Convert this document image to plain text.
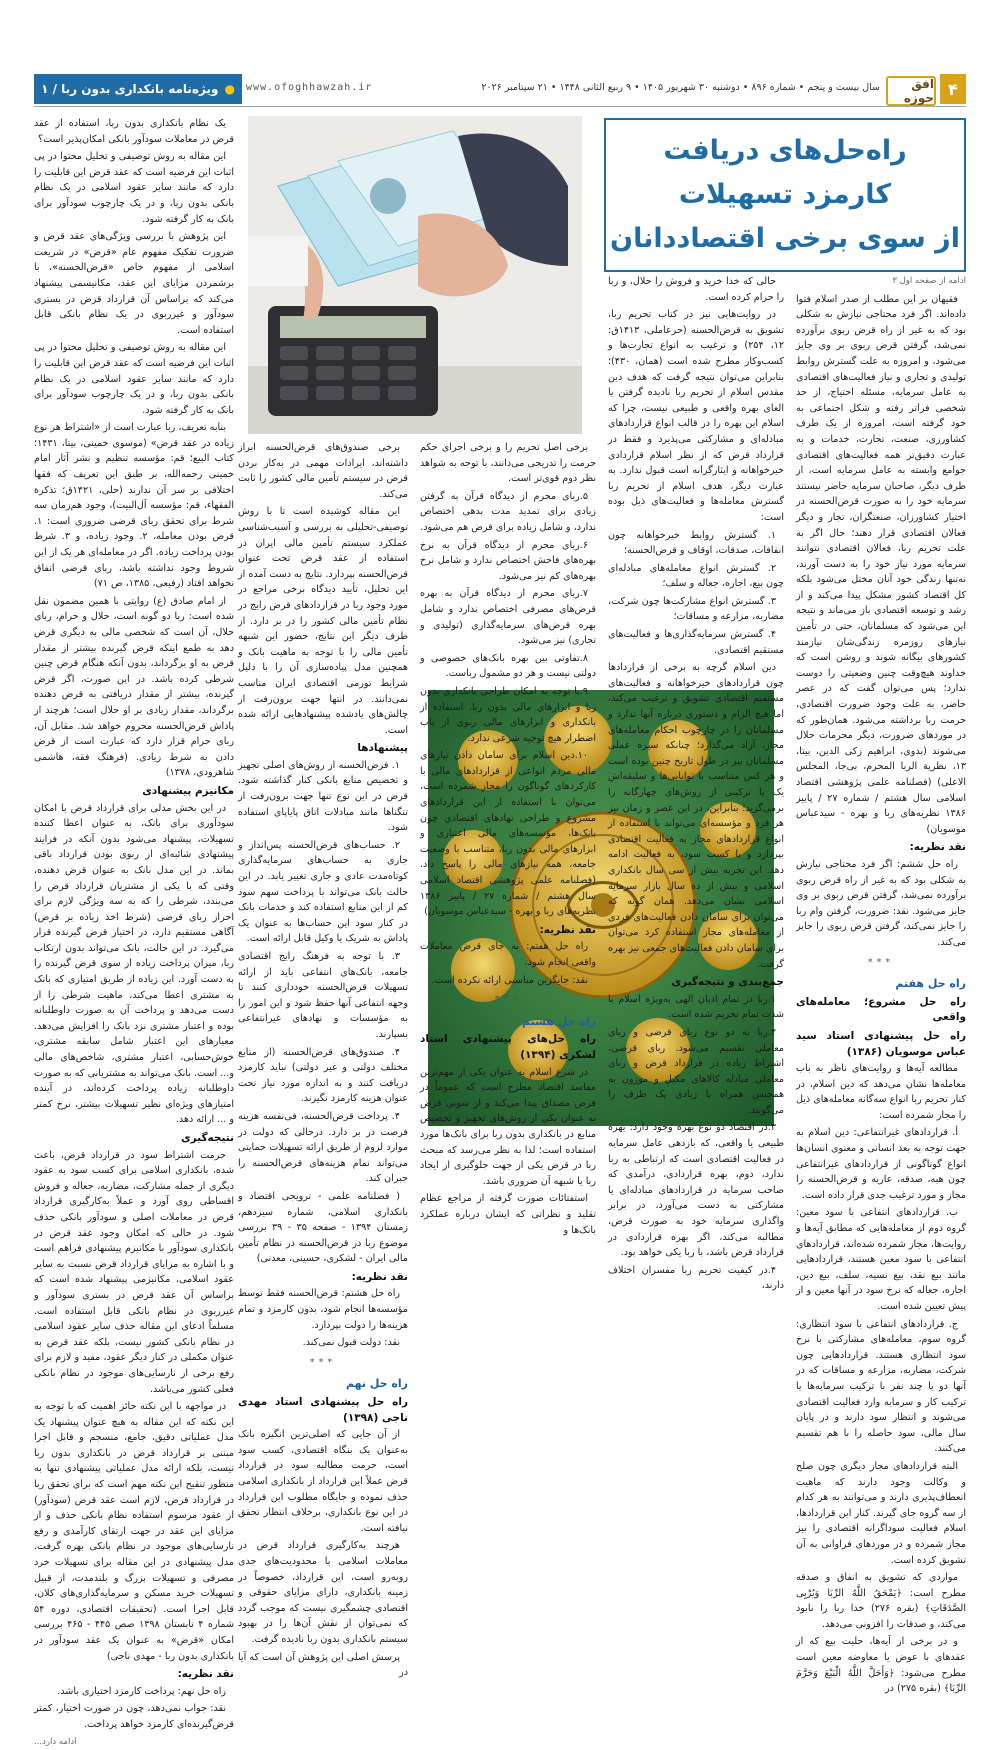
۴
افق حوزه
سال بیست و پنجم • شماره ۸۹۶ • دوشنبه ۳۰ شهریور ۱۴۰۵ • ۹ ربیع الثانی ۱۴۴۸ • ۲۱ سپتامبر ۲۰۲۶
www.ofoghhawzah.ir
●
ویژه‌نامه بانکداری بدون ربا / ۱
راه‌حل‌های دریافت
کارمزد تسهیلات
از سوی برخی اقتصاددانان

ادامه از صفحه اول ۳

فقیهان بر این مطلب از صدر اسلام فتوا داده‌اند. اگر فرد محتاجی نیازش به شکلی بود که به غیر از راه قرض ربوی برآورده نمی‌شد، گرفتن قرض ربوی بر وی جایز می‌شود، و امروزه به علت گسترش روابط تولیدی و تجاری و نیاز فعالیت‌های اقتصادی به عامل سرمایه، مسئله احتیاج، از حد شخصی فراتر رفته و شکل اجتماعی به خود گرفته است، امروزه از یک طرف کشاورزی، صنعت، تجارت، خدمات و به عبارت دقیق‌تر همه فعالیت‌های اقتصادی جوامع وابسته به عامل سرمایه است، از طرف دیگر، صاحبان سرمایه حاضر نیستند سرمایه خود را به صورت قرض‌الحسنه در اختیار کشاورزان، صنعتگران، تجار و دیگر فعالان اقتصادی قرار دهند؛ حال اگر به علت تحریم ربا، فعالان اقتصادی نتوانند سرمایه مورد نیاز خود را به دست آورند، نه‌تنها زندگی خود آنان مختل می‌شود بلکه کل اقتصاد کشور مشکل پیدا می‌کند و از رشد و توسعه اقتصادی باز می‌ماند و نتیجه این می‌شود که مسلمانان، حتی در تأمین نیازهای روزمره زندگی‌شان نیازمند کشورهای بیگانه شوند و روشن است که خداوند هیچ‌وقت چنین وضعیتی را دوست ندارد؛ پس می‌توان گفت که در عصر حاضر، به علت وجود ضرورت اقتصادی، حرمت ربا برداشته می‌شود. همان‌طور که در موردهای ضرورت، دیگر محرمات حلال می‌شوند (بدوی، ابراهیم زکی الدین، بیتا، ۱۳، نظریة الربا المحرم، بی‌جا، المجلس الاعلی) (فصلنامه علمی پژوهشی اقتصاد اسلامی سال هشتم / شماره ۲۷ / پاییز ۱۳۸۶ نظریه‌های ربا و بهره - سیدعباس موسویان)

نقد نظریه:

راه حل ششم: اگر فرد محتاجی نیازش به شکلی بود که به غیر از راه قرض ربوی برآورده نمی‌شد، گرفتن قرض ربوی بر وی جایز می‌شود. نقد: ضرورت، گرفتن وام ربا را جایز نمی‌کند، گرفتن قرض ربوی را جایز می‌کند.

***

راه‌ حل هفتم

راه حل مشروع؛ معامله‌های واقعی

راه حل پیشنهادی استاد سید عباس موسویان (۱۳۸۶)

مطالعه آیه‌ها و روایت‌های ناظر به باب معامله‌ها نشان می‌دهد که دین اسلام، در کنار تحریم ربا انواع سه‌گانه معامله‌های ذیل را مجاز شمرده است:

أ. قراردادهای غیرانتفاعی: دین اسلام به جهت توجه به بعد انسانی و معنوی انسان‌ها انواع گوناگونی از قراردادهای غیرانتفاعی چون هبه، صدقه، عاریه و قرض‌الحسنه را مجاز و مورد ترغیب جدی قرار داده است.

ب. قراردادهای انتفاعی با سود معین: گروه دوم از معامله‌هایی که مطابق آیه‌ها و روایت‌ها، مجاز شمرده شده‌اند، قراردادهای انتفاعی با سود معین هستند، قراردادهایی مانند بیع نقد، بیع نسیه، سلف، بیع دین، اجاره، جعاله که نرخ سود در آنها معین و از پیش تعیین شده است.

ج. قراردادهای انتفاعی با سود انتظاری: گروه سوم، معامله‌های مشارکتی با نرخ سود انتظاری هستند. قراردادهایی چون شرکت، مضاربه، مزارعه و مساقات که در آنها دو یا چند نفر با ترکیب سرمایه‌ها یا ترکیب کار و سرمایه وارد فعالیت اقتصادی می‌شوند و انتظار سود دارند و در پایان سال مالی، سود حاصله را با هم تقسیم می‌کنند.

البته قراردادهای مجاز دیگری چون صلح و وکالت وجود دارند که ماهیت انعطاف‌پذیری دارند و می‌توانند به هر کدام از سه گروه جای گیرند. کنار این قراردادها، اسلام فعالیت سوداگرانه اقتصادی را نیز مجاز شمرده و در موردهای فراوانی به آن تشویق کرده است.

مواردی که تشویق به انفاق و صدقه مطرح است: ﴿یَمْحَقُ اللَّهُ الرِّبَا وَیُرْبِی الصَّدَقَاتِ﴾ (بقره ۲۷۶) خدا ربا را نابود می‌کند، و صدقات را افزونی می‌دهد.

و در برخی از آیه‌ها، حلیت بیع که از عقدهای با عوض یا معاوضه معین است مطرح می‌شود: ﴿وَأَحَلَّ اللَّهُ الْبَیْعَ وَحَرَّمَ الرِّبَا﴾ (بقره ۲۷۵) در

حالی که خدا خرید و فروش را حلال، و ربا را حرام کرده است.

در روایت‌هایی نیز در کتاب تحریم ربا، تشویق به قرض‌الحسنه (حرعاملی، ۱۴۱۳ق: ۱۲، ۲۵۴) و ترغیب به انواع تجارت‌ها و کسب‌وکار مطرح شده است (همان، ۴۳۰)؛ بنابراین می‌توان نتیجه گرفت که هدف دین مقدس اسلام از تحریم ربا نادیده گرفتن یا الغای بهره واقعی و طبیعی نیست، چرا که اسلام این بهره را در قالب انواع قراردادهای مبادله‌ای و مشارکتی می‌پذیرد و فقط در قرارداد قرض که از نظر اسلام قراردادی خیرخواهانه و ایثارگرانه است قبول ندارد. به عبارت دیگر، هدف اسلام از تحریم ربا گسترش معامله‌ها و فعالیت‌های ذیل بوده است:

۱. گسترش روابط خیرخواهانه چون انفاقات، صدقات، اوقاف و قرض‌الحسنه؛

۲. گسترش انواع معامله‌های مبادله‌ای چون بیع، اجاره، جعاله و سلف؛

۳. گسترش انواع مشارکت‌ها چون شرکت، مضاربه، مزارعه و مساقات؛

۴. گسترش سرمایه‌گذاری‌ها و فعالیت‌های مستقیم اقتصادی.

دین اسلام گرچه به برخی از قراردادها چون قراردادهای خیرخواهانه و فعالیت‌های مستقیم اقتصادی تشویق و ترغیب می‌کند، اما هیچ الزام و دستوری درباره آنها ندارد و مسلمانان را در چارچوب احکام معامله‌های مجاز، آزاد می‌گذارد؛ چنانکه سیره عملی مسلمانان نیز در طول تاریخ چنین بوده است و هر کس متناسب با توانایی‌ها و سلیقه‌اش یک یا ترکیبی از روش‌های چهارگانه را برمی‌گزید؛ بنابراین، در این عصر و زمان نیز هر فرد و مؤسسه‌ای می‌تواند با استفاده از انواع قراردادهای مجاز به فعالیت اقتصادی بپردازد و با کسب سود، به فعالیت ادامه دهد. این تجربه بیش از سی سال بانکداری اسلامی و بیش از ده سال بازار سرمایه اسلامی نشان می‌دهد. همان گونه که می‌توان برای سامان دادن فعالیت‌های فردی از معامله‌های مجاز استفاده کرد می‌توان برای سامان دادن فعالیت‌های جمعی نیز بهره گرفت.

جمع‌بندی و نتیجه‌گیری

۱.ربا در تمام ادیان الهی به‌ویژه اسلام با شدت تمام تحریم شده است.

۲.ربا به دو نوع ربای قرضی و ربای معاملی تقسیم می‌شود. ربای قرضی، اشتراط زیاده در قرارداد قرض و ربای معاملی مبادله کالاهای مکیل و موزون به همجنس همراه با زیادی یک طرف را می‌گویند.

۳.در اقتصاد دو نوع بهره وجود دارد: بهره طبیعی یا واقعی، که بازدهی عامل سرمایه در فعالیت اقتصادی است که ارتباطی به ربا ندارد، دوم، بهره قراردادی، درآمدی که صاحب سرمایه در قراردادهای مبادله‌ای یا مشارکتی به دست می‌آورد، در برابر واگذاری سرمایه خود به صورت قرض، مطالبه می‌کند، اگر بهره قراردادی در قرارداد قرض باشد، با ربا یکی خواهد بود.

۴.در کیفیت تحریم ربا مفسران اختلاف دارند،

برخی اصل تحریم را و برخی اجرای حکم حرمت را تدریجی می‌دانند، با توجه به شواهد نظر دوم قوی‌تر است.

۵.ربای محرم از دیدگاه قرآن به گرفتن زیادی برای تمدید مدت بدهی اختصاص ندارد، و شامل زیاده برای قرض هم می‌شود.

۶.ربای محرم از دیدگاه قرآن به نرخ بهره‌های فاحش اختصاص ندارد و شامل نرخ بهره‌های کم نیز می‌شود.

۷.ربای محرم از دیدگاه قرآن به بهره قرض‌های مصرفی اختصاص ندارد و شامل بهره قرض‌های سرمایه‌گذاری (تولیدی و تجاری) نیز می‌شود.

۸.تفاوتی بین بهره بانک‌های خصوصی و دولتی نیست و هر دو مشمول رباست.

۹.با توجه به امکان طراحی بانکداری بدون ربا و ابزارهای مالی بدون ربا، استفاده از بانکداری و ابزارهای مالی ربوی از باب اضطرار هیچ توجیه شرعی ندارد.

۱۰.دین اسلام برای سامان دادن نیازهای مالی مردم انواعی از قراردادهای مالی با کارکردهای گوناگون را مجاز شمرده است، می‌توان با استفاده از این قراردادهای مشروع و طراحی نهادهای اقتصادی چون بانک‌ها، مؤسسه‌های مالی اعتباری و ابزارهای مالی بدون ربا، متناسب با وضعیت جامعه، همه نیازهای مالی را پاسخ داد. (فصلنامه علمی پژوهشی اقتصاد اسلامی سال هشتم / شماره ۲۷ / پاییز ۱۳۸۶ نظریه‌های ربا و بهره - سیدعباس موسویان)

نقد نظریه:

راه حل هفتم: به جای قرض معاملات واقعی انجام شود.

نقد: جایگزین مناسبی ارائه نکرده است.

***

راه حل هشتم

راه حل‌های پیشنهادی استاد لشکری (۱۳۹۴)

در شرع اسلام به عنوان یکی از مهم‌ترین مفاسد اقتصاد مطرح است که عموماً در قرض مصداق پیدا می‌کند و از سویی قرض به عنوان یکی از روش‌های تجهیز و تخصیص منابع در بانکداری بدون ربا برای بانک‌ها مورد استفاده است؛ لذا به نظر می‌رسد که مبحث ربا در قرض یکی از جهت جلوگیری از ایجاد ربا یا شبهه آن ضروری باشد.

استفتائات صورت گرفته از مراجع عظام تقلید و نظراتی که ایشان درباره عملکرد بانک‌ها و

برخی صندوق‌های قرض‌الحسنه ابراز داشته‌اند، ایرادات مهمی در به‌کار بردن قرض در سیستم تأمین مالی کشور را ثابت می‌کند.

این مقاله کوشیده است تا با روش توصیفی-تحلیلی به بررسی و آسیب‌شناسی عملکرد سیستم تأمین مالی ایران در استفاده از عقد قرض تحت عنوان قرض‌الحسنه بپردازد. نتایج به دست آمده از این تحلیل، تأیید دیدگاه برخی مراجع در مورد وجود ربا در قراردادهای قرض رایج در نظام تأمین مالی کشور را در بر دارد. از طرف دیگر این نتایج، حضور این شبهه تأمین مالی را با توجه به ماهیت بانک و همچنین مدل پیاده‌سازی آن را با دلیل شرایط تورمی اقتصادی ایران مناسب نمی‌دانند. در انتها جهت برون‌رفت از چالش‌های یادشده پیشنهادهایی ارائه شده است.

پیشنهادها

۱. قرض‌الحسنه از روش‌های اصلی تجهیز و تخصیص منابع بانکی کنار گذاشته شود. قرض در این نوع تنها جهت برون‌رفت از تنگناها مانند مبادلات اتاق پایاپای استفاده شود.

۲. حساب‌های قرض‌الحسنه پس‌انداز و جاری به حساب‌های سرمایه‌گذاری کوتاه‌مدت عادی و جاری تغییر یابد. در این حالت بانک می‌تواند با پرداخت سهم سود کم از این منابع استفاده کند و خدمات بانک در کنار سود این حساب‌ها به عنوان یک پاداش به شریک یا وکیل قابل ارائه است.

۳. با توجه به فرهنگ رایج اقتصادی جامعه، بانک‌های انتفاعی باید از ارائه تسهیلات قرض‌الحسنه خودداری کنند تا وجهه انتفاعی آنها حفظ شود و این امور را به مؤسسات و نهادهای غیرانتفاعی بسپارند.

۴. صندوق‌های قرض‌الحسنه (از منابع مختلف دولتی و غیر دولتی) نباید کارمزد دریافت کنند و به اندازه مورد نیاز تحت عنوان هزینه کارمزد نگیرند.

۴. پرداخت قرض‌الحسنه، فی‌نفسه هزینه فرصت در بر دارد. درحالی که دولت در موارد لزوم از طریق ارائه تسهیلات حمایتی می‌تواند تمام هزینه‌های قرض‌الحسنه را جبران کند.

( فصلنامه علمی - ترویجی اقتصاد و بانکداری اسلامی، شماره سیزدهم، زمستان ۱۳۹۴ - صفحه ۳۵ - ۳۹ بررسی موضوع ربا در قرض‌الحسنه در نظام تأمین مالی ایران - لشکری، حسینی، معدنی)

نقد نظریه:

راه حل هشتم: قرض‌الحسنه فقط توسط مؤسسه‌ها انجام شود، بدون کارمزد و تمام هزینه‌ها را دولت بپردازد.

نقد: دولت قبول نمی‌کند.

***

راه حل نهم

راه حل پیشنهادی استاد مهدی ناجی (۱۳۹۸)

از آن جایی که اصلی‌ترین انگیزه بانک به‌عنوان یک بنگاه اقتصادی، کسب سود است، حرمت مطالبه سود در قرارداد قرض عملاً این قرارداد از بانکداری اسلامی حذف نموده و جایگاه مطلوب این قرارداد در این نوع بانکداری، برخلاف انتظار تحقق نیافته است.

هرچند به‌کارگیری قرارداد قرض در معاملات اسلامی با محدودیت‌های جدی روبه‌رو است، این قرارداد، خصوصاً در زمینه بانکداری، دارای مزایای حقوقی و اقتصادی چشمگیری نیست که موجب گردد که نمی‌توان از نقش آن‌ها را در بهبود سیستم بانکداری بدون ربا نادیده گرفت.

پرسش اصلی این پژوهش آن است که آیا در

یک نظام بانکداری بدون ربا، استفاده از عقد قرض در معاملات سودآور بانکی امکان‌پذیر است؟

این مقاله به روش توصیفی و تحلیل محتوا در پی اثبات این فرضیه است که عقد قرض این قابلیت را دارد که مانند سایر عقود اسلامی در یک نظام بانکی بدون ربا، و در یک چارچوب سودآور برای بانک به کار گرفته شود.

این پژوهش با بررسی ویژگی‌های عقد قرض و ضرورت تفکیک مفهوم عام «قرض» در شریعت اسلامی از مفهوم خاص «قرض‌الحسنه»، با برشمردن مزایای این عقد، مکانیسمی پیشنهاد می‌کند که براساس آن قرارداد قرض در بستری سودآور و غیرربوی در یک نظام بانکی قابل استفاده است.

این مقاله به روش توصیفی و تحلیل محتوا در پی اثبات این فرضیه است که عقد قرض این قابلیت را دارد که مانند سایر عقود اسلامی در یک نظام بانکی بدون ربا، و در یک چارچوب سودآور برای بانک به کار گرفته شود.

بنابه تعریف، ربا عبارت است از «اشتراط هر نوع زیاده در عقد قرض» (موسوی خمینی، بیتا، ۱۴۳۱؛ کتاب البیع؛ قم: مؤسسه تنظیم و نشر آثار امام خمینی رحمه‌الله، بر طبق این تعریف که فقها اختلافی بر سر آن ندارند (حلی، ۱۴۲۱ق؛ تذکرة الفقهاء، قم: مؤسسه آل‌البیت)، وجود هم‌زمان سه شرط برای تحقق ربای قرضی ضروری است: ۱. قرض بودن معامله، ۲. وجود زیاده، و ۳. شرط بودن پرداخت زیاده. اگر در معامله‌ای هر یک از این شروط وجود نداشته باشد، ربای قرضی اتفاق نخواهد افتاد (رفیعی، ۱۳۸۵، ص ۷۱)

از امام صادق (ع) روایتی با همین مضمون نقل شده است: ربا دو گونه است، حلال و حرام، ربای حلال، آن است که شخصی مالی به دیگری قرض دهد به طمع اینکه قرض گیرنده بیشتر از مقدار قرض به او برگرداند، بدون آنکه هنگام قرض چنین شرطی کرده باشد. در این صورت، اگر قرض گیرنده، بیشتر از مقدار دریافتی به قرض دهنده برگرداند، مقدار زیادی بر او حلال است؛ هرچند از پاداش قرض‌الحسنه محروم خواهد شد. مقابل آن، ربای حرام قرار دارد که عبارت است از قرض دادن به شرط زیادی. (فرهنگ فقه، هاشمی شاهرودی، ۱۳۷۸)

مکانیزم پیشنهادی

در این بخش مدلی برای قرارداد قرض با امکان سودآوری برای بانک، به عنوان اعطا کننده تسهیلات، پیشنهاد می‌شود بدون آنکه در فرایند پیشنهادی شائبه‌ای از ربوی بودن قرارداد باقی بماند. در این مدل بانک به عنوان قرض دهنده، وقتی که با یکی از مشتریان قرارداد قرض را می‌بندد، شرطی را که به سه ویژگی لازم برای احراز ربای قرضی (شرط اخذ زیاده بر قرض) آگاهی مستقیم دارد، در اختیار قرض گیرنده قرار می‌گیرد. در این حالت، بانک می‌تواند بدون ارتکاب ربا، میزان پرداخت زیاده از سوی قرض گیرنده را به دست آورد. این زیاده از طریق امتیازی که بانک به مشتری اعطا می‌کند، ماهیت شرطی را از دست می‌دهد و پرداخت آن به صورت داوطلبانه بوده و اعتبار مشتری نزد بانک را افزایش می‌دهد. معیارهای این اعتبار شامل سابقه مشتری، خوش‌حسابی، اعتبار مشتری، شاخص‌های مالی و... است. بانک می‌تواند به مشتریانی که به صورت داوطلبانه زیاده پرداخت کرده‌اند، در آینده امتیازهای ویژه‌ای نظیر تسهیلات بیشتر، نرخ کمتر و ... ارائه دهد.

نتیجه‌گیری

حرمت اشتراط سود در قرارداد قرض، باعث شده، بانکداری اسلامی برای کسب سود به عقود دیگری از جمله مشارکت، مضاربه، جعاله و فروش اقساطی روی آورد و عملاً به‌کارگیری قرارداد قرض در معاملات اصلی و سودآور بانکی حذف شود. در حالی که امکان وجود عقد قرض در بانکداری سودآور با مکانیزم پیشنهادی فراهم است و با اشاره به مزایای قرارداد قرض نسبت به سایر عقود اسلامی، مکانیزمی پیشنهاد شده است که براساس آن عقد قرض در بستری سودآور و غیرربوی در نظام بانکی قابل استفاده است. مسلماً ادعای این مقاله حذف سایر عقود اسلامی در نظام بانکی کشور نیست، بلکه عقد قرض به عنوان مکملی در کنار دیگر عقود، مفید و لازم برای رفع برخی از نارسایی‌های موجود در نظام بانکی فعلی کشور می‌باشد.

در مواجهه با این نکته حائز اهمیت که با توجه به این نکته که این مقاله به هیچ عنوان پیشنهاد یک مدل عملیاتی دقیق، جامع، منسجم و قابل اجرا مبتنی بر قرارداد قرض در بانکداری بدون ربا نیست، بلکه ارائه مدل عملیاتی پیشنهادی تنها به منظور تنقیح این نکته مهم است که برای تحقق ربا در قرارداد قرض، لازم است عقد قرض (سودآور) از عقود مرسوم استفاده نظام بانکی حذف و از مزایای این عقد در جهت ارتقای کارآمدی و رفع نارسایی‌های موجود در نظام بانکی بهره گرفت. مدل پیشنهادی در این مقاله برای تسهیلات خرد مصرفی و تسهیلات بزرگ و بلندمدت، از قبیل تسهیلات خرید مسکن و سرمایه‌گذاری‌های کلان، قابل اجرا است. (تحقیقات اقتصادی، دوره ۵۴ شماره ۴ تابستان ۱۳۹۸ صص ۴۴۵ - ۴۶۵ بررسی امکان «قرض» به عنوان یک عقد سودآور در بانکداری بدون ربا - مهدی ناجی)

نقد نظریه:

راه حل نهم: پرداخت کارمزد اختیاری باشد.

نقد: جواب نمی‌دهد، چون در صورت اختیار، کمتر قرض‌گیرنده‌ای کارمزد خواهد پرداخت.

ادامه دارد...
